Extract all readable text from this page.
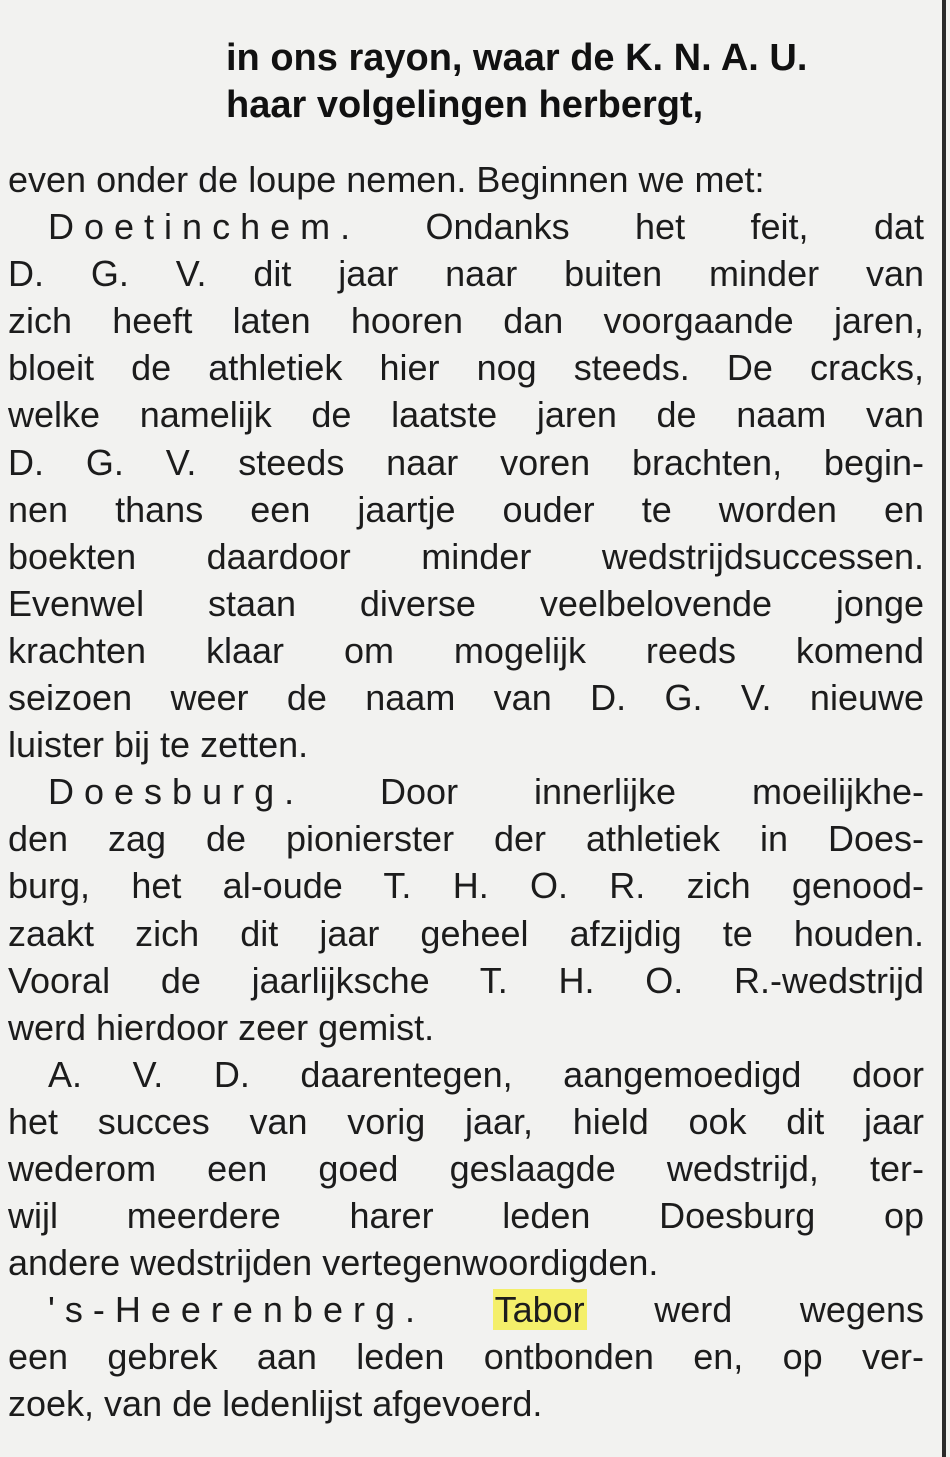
in ons rayon, waar de K. N. A. U.
haar volgelingen herbergt,
even onder de loupe nemen. Beginnen we met:
Doetinchem. Ondanks het feit, dat
D. G. V. dit jaar naar buiten minder van
zich heeft laten hooren dan voorgaande jaren,
bloeit de athletiek hier nog steeds. De cracks,
welke namelijk de laatste jaren de naam van
D. G. V. steeds naar voren brachten, begin-
nen thans een jaartje ouder te worden en
boekten daardoor minder wedstrijdsuccessen.
Evenwel staan diverse veelbelovende jonge
krachten klaar om mogelijk reeds komend
seizoen weer de naam van D. G. V. nieuwe
luister bij te zetten.
Doesburg. Door innerlijke moeilijkhe-
den zag de pionierster der athletiek in Does-
burg, het al-oude T. H. O. R. zich genood-
zaakt zich dit jaar geheel afzijdig te houden.
Vooral de jaarlijksche T. H. O. R.-wedstrijd
werd hierdoor zeer gemist.
A. V. D. daarentegen, aangemoedigd door
het succes van vorig jaar, hield ook dit jaar
wederom een goed geslaagde wedstrijd, ter-
wijl meerdere harer leden Doesburg op
andere wedstrijden vertegenwoordigden.
's-Heerenberg. Tabor werd wegens
een gebrek aan leden ontbonden en, op ver-
zoek, van de ledenlijst afgevoerd.
